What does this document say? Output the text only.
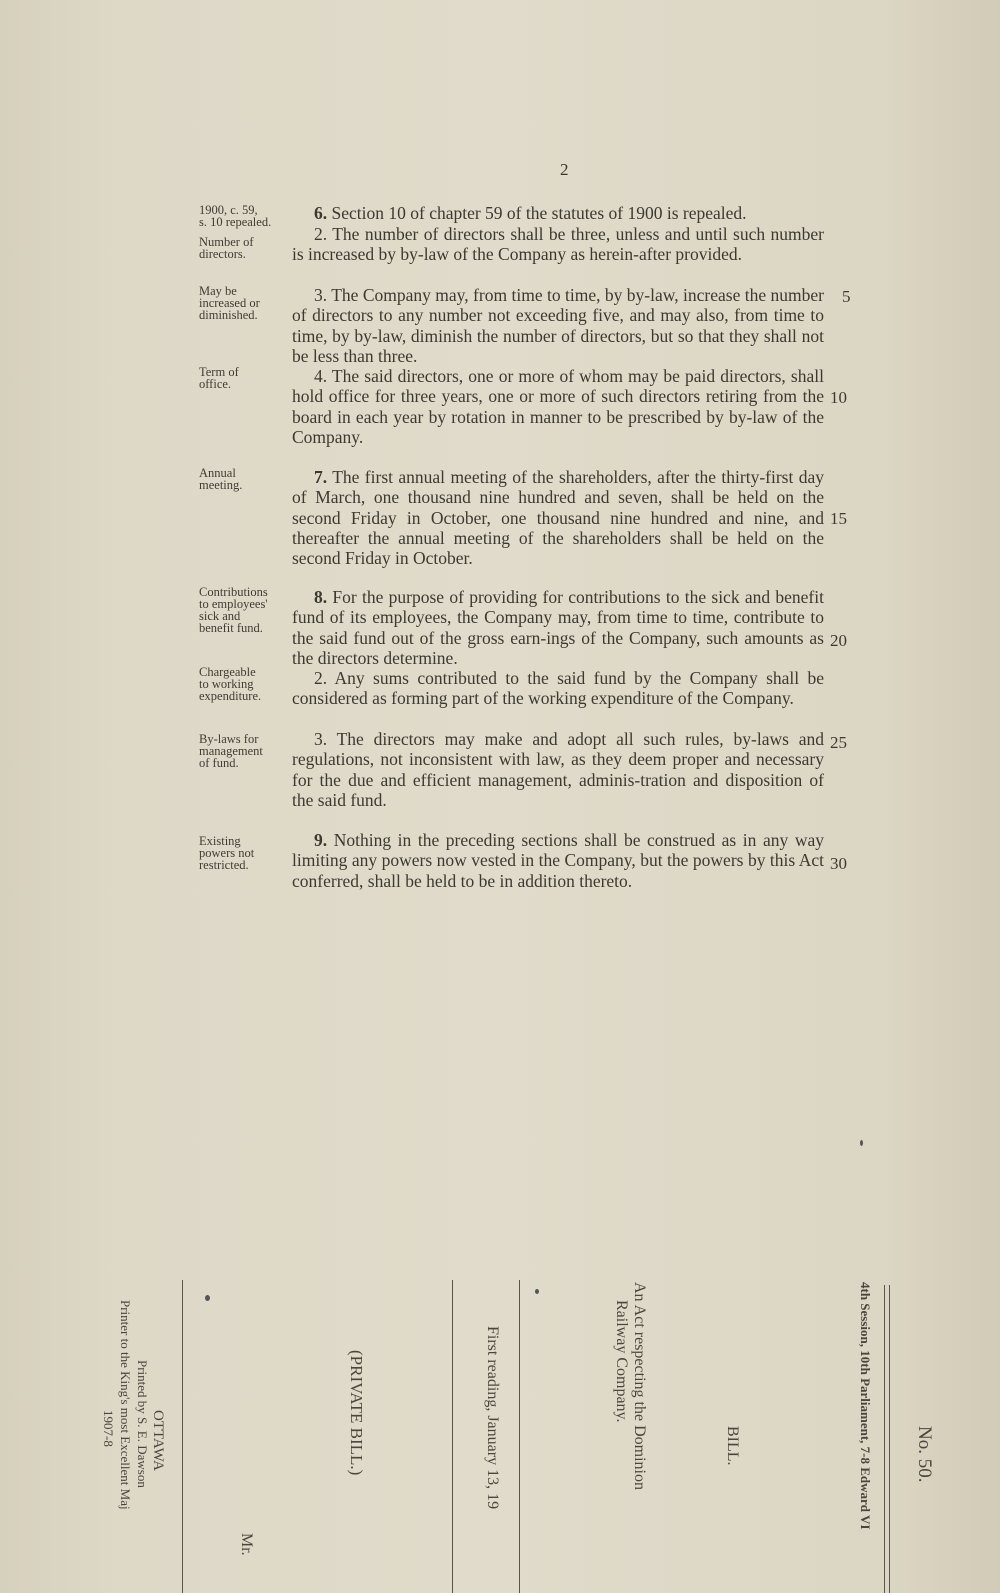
2
1900, c. 59,
s. 10 repealed.
Number of
directors.
May be
increased or
diminished.
Term of
office.
Annual
meeting.
Contributions
to employees'
sick and
benefit fund.
Chargeable
to working
expenditure.
By-laws for
management
of fund.
Existing
powers not
restricted.
6. Section 10 of chapter 59 of the statutes of 1900 is repealed.
2. The number of directors shall be three, unless and until such number is increased by by-law of the Company as herein-after provided.
3. The Company may, from time to time, by by-law, increase the number of directors to any number not exceeding five, and may also, from time to time, by by-law, diminish the number of directors, but so that they shall not be less than three.
4. The said directors, one or more of whom may be paid directors, shall hold office for three years, one or more of such directors retiring from the board in each year by rotation in manner to be prescribed by by-law of the Company.
7. The first annual meeting of the shareholders, after the thirty-first day of March, one thousand nine hundred and seven, shall be held on the second Friday in October, one thousand nine hundred and nine, and thereafter the annual meeting of the shareholders shall be held on the second Friday in October.
8. For the purpose of providing for contributions to the sick and benefit fund of its employees, the Company may, from time to time, contribute to the said fund out of the gross earn-ings of the Company, such amounts as the directors determine.
2. Any sums contributed to the said fund by the Company shall be considered as forming part of the working expenditure of the Company.
3. The directors may make and adopt all such rules, by-laws and regulations, not inconsistent with law, as they deem proper and necessary for the due and efficient management, adminis-tration and disposition of the said fund.
9. Nothing in the preceding sections shall be construed as in any way limiting any powers now vested in the Company, but the powers by this Act conferred, shall be held to be in addition thereto.
5
10
15
20
25
30
No. 50.
4th Session, 10th Parliament, 7-8 Edward VI
BILL.
An Act respecting the Dominion
Railway Company.
First reading, January 13, 19
(PRIVATE BILL.)
Mr.
OTTAWA
Printed by S. E. Dawson
Printer to the King's most Excellent Maj
1907-8
